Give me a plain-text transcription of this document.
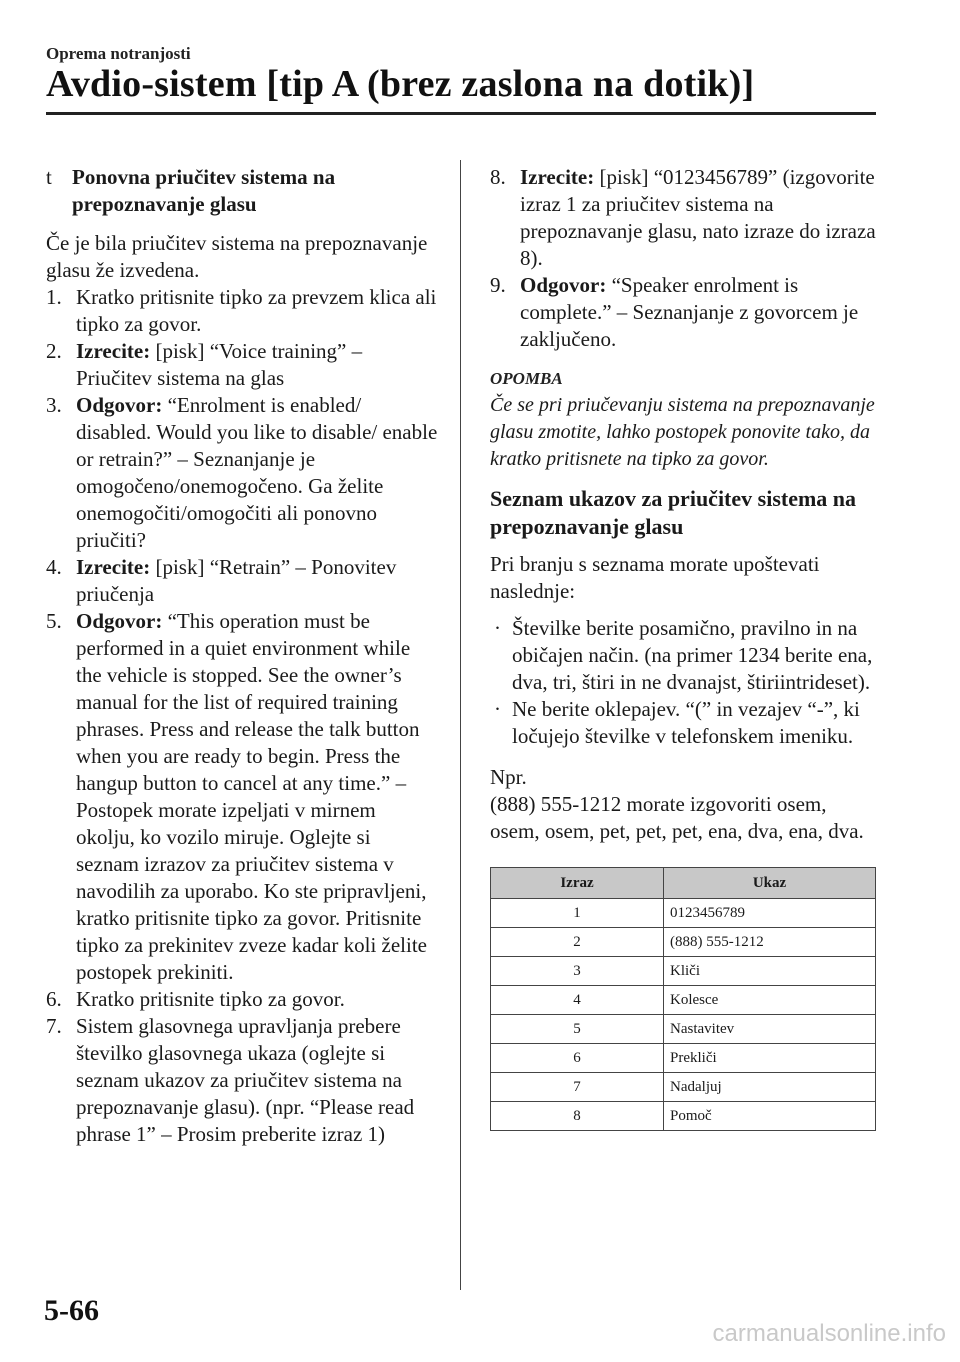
Oprema notranjosti
Avdio-sistem [tip A (brez zaslona na dotik)]
t Ponovna priučitev sistema na prepoznavanje glasu

Če je bila priučitev sistema na prepoznavanje glasu že izvedena.

1. Kratko pritisnite tipko za prevzem klica ali tipko za govor.
2. Izrecite: [pisk] “Voice training” – Priučitev sistema na glas
3. Odgovor: “Enrolment is enabled/ disabled. Would you like to disable/ enable or retrain?” – Seznanjanje je omogočeno/onemogočeno. Ga želite onemogočiti/omogočiti ali ponovno priučiti?
4. Izrecite: [pisk] “Retrain” – Ponovitev priučenja
5. Odgovor: “This operation must be performed in a quiet environment while the vehicle is stopped. See the owner’s manual for the list of required training phrases. Press and release the talk button when you are ready to begin. Press the hangup button to cancel at any time.” – Postopek morate izpeljati v mirnem okolju, ko vozilo miruje. Oglejte si seznam izrazov za priučitev sistema v navodilih za uporabo. Ko ste pripravljeni, kratko pritisnite tipko za govor. Pritisnite tipko za prekinitev zveze kadar koli želite postopek prekiniti.
6. Kratko pritisnite tipko za govor.
7. Sistem glasovnega upravljanja prebere številko glasovnega ukaza (oglejte si seznam ukazov za priučitev sistema na prepoznavanje glasu). (npr. “Please read phrase 1” – Prosim preberite izraz 1)
8. Izrecite: [pisk] “0123456789” (izgovorite izraz 1 za priučitev sistema na prepoznavanje glasu, nato izraze do izraza 8).
9. Odgovor: “Speaker enrolment is complete.” – Seznanjanje z govorcem je zaključeno.

OPOMBA

Če se pri priučevanju sistema na prepoznavanje glasu zmotite, lahko postopek ponovite tako, da kratko pritisnete na tipko za govor.

Seznam ukazov za priučitev sistema na prepoznavanje glasu

Pri branju s seznama morate upoštevati naslednje:

· Številke berite posamično, pravilno in na običajen način. (na primer 1234 berite ena, dva, tri, štiri in ne dvanajst, štiriintrideset).
· Ne berite oklepajev. “(” in vezajev “-”, ki ločujejo številke v telefonskem imeniku.

Npr.

(888) 555-1212 morate izgovoriti osem, osem, osem, pet, pet, pet, ena, dva, ena, dva.

Izraz	Ukaz
1	0123456789
2	(888) 555-1212
3	Kliči
4	Kolesce
5	Nastavitev
6	Prekliči
7	Nadaljuj
8	Pomoč
5-66
carmanualsonline.info
